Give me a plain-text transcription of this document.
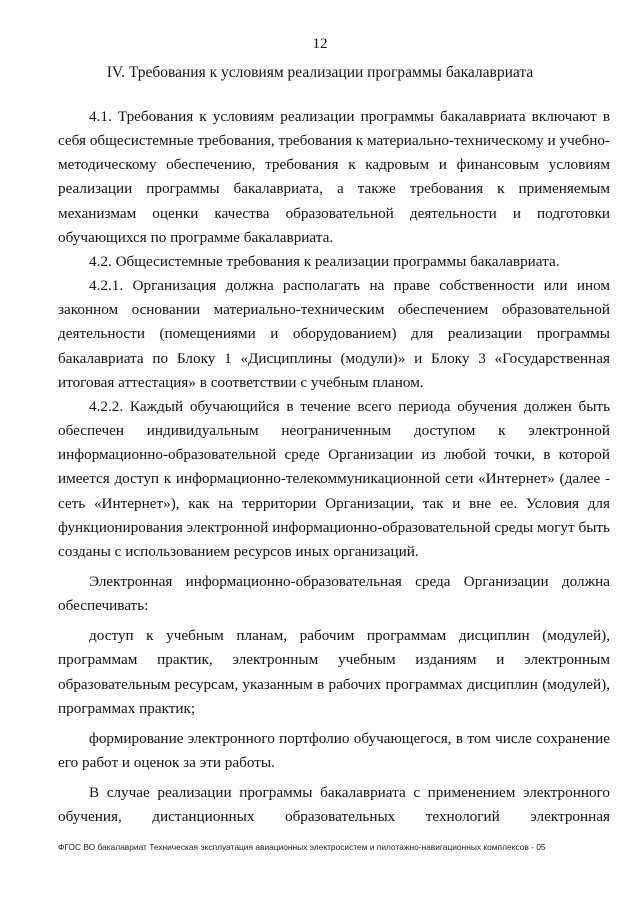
12
IV. Требования к условиям реализации программы бакалавриата

4.1. Требования к условиям реализации программы бакалавриата включают в себя общесистемные требования, требования к материально-техническому и учебно-методическому обеспечению, требования к кадровым и финансовым условиям реализации программы бакалавриата, а также требования к применяемым механизмам оценки качества образовательной деятельности и подготовки обучающихся по программе бакалавриата.

4.2. Общесистемные требования к реализации программы бакалавриата.

4.2.1. Организация должна располагать на праве собственности или ином законном основании материально-техническим обеспечением образовательной деятельности (помещениями и оборудованием) для реализации программы бакалавриата по Блоку 1 «Дисциплины (модули)» и Блоку 3 «Государственная итоговая аттестация» в соответствии с учебным планом.

4.2.2. Каждый обучающийся в течение всего периода обучения должен быть обеспечен индивидуальным неограниченным доступом к электронной информационно-образовательной среде Организации из любой точки, в которой имеется доступ к информационно-телекоммуникационной сети «Интернет» (далее - сеть «Интернет»), как на территории Организации, так и вне ее. Условия для функционирования электронной информационно-образовательной среды могут быть созданы с использованием ресурсов иных организаций.

Электронная информационно-образовательная среда Организации должна обеспечивать:

доступ к учебным планам, рабочим программам дисциплин (модулей), программам практик, электронным учебным изданиям и электронным образовательным ресурсам, указанным в рабочих программах дисциплин (модулей), программах практик;

формирование электронного портфолио обучающегося, в том числе сохранение его работ и оценок за эти работы.

В случае реализации программы бакалавриата с применением электронного обучения, дистанционных образовательных технологий электронная

ФГОС ВО бакалавриат Техническая эксплуатация авиационных электросистем и пилотажно-навигационных комплексов - 05
